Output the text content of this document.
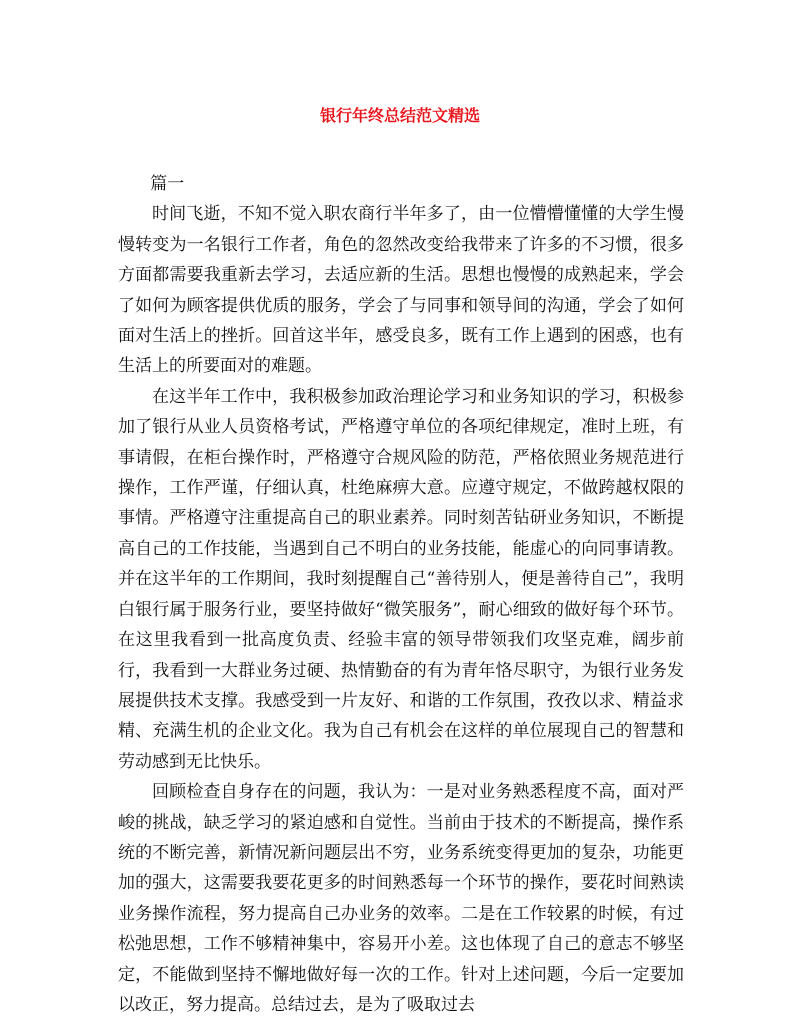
银行年终总结范文精选

篇一

时间飞逝，不知不觉入职农商行半年多了，由一位懵懵懂懂的大学生慢慢转变为一名银行工作者，角色的忽然改变给我带来了许多的不习惯，很多方面都需要我重新去学习，去适应新的生活。思想也慢慢的成熟起来，学会了如何为顾客提供优质的服务，学会了与同事和领导间的沟通，学会了如何面对生活上的挫折。回首这半年，感受良多，既有工作上遇到的困惑，也有生活上的所要面对的难题。

在这半年工作中，我积极参加政治理论学习和业务知识的学习，积极参加了银行从业人员资格考试，严格遵守单位的各项纪律规定，准时上班，有事请假，在柜台操作时，严格遵守合规风险的防范，严格依照业务规范进行操作，工作严谨，仔细认真，杜绝麻痹大意。应遵守规定，不做跨越权限的事情。严格遵守注重提高自己的职业素养。同时刻苦钻研业务知识，不断提高自己的工作技能，当遇到自己不明白的业务技能，能虚心的向同事请教。并在这半年的工作期间，我时刻提醒自己“善待别人，便是善待自己”，我明白银行属于服务行业，要坚持做好“微笑服务”，耐心细致的做好每个环节。在这里我看到一批高度负责、经验丰富的领导带领我们攻坚克难，阔步前行，我看到一大群业务过硬、热情勤奋的有为青年恪尽职守，为银行业务发展提供技术支撑。我感受到一片友好、和谐的工作氛围，孜孜以求、精益求精、充满生机的企业文化。我为自己有机会在这样的单位展现自己的智慧和劳动感到无比快乐。

回顾检查自身存在的问题，我认为：一是对业务熟悉程度不高，面对严峻的挑战，缺乏学习的紧迫感和自觉性。当前由于技术的不断提高，操作系统的不断完善，新情况新问题层出不穷，业务系统变得更加的复杂，功能更加的强大，这需要我要花更多的时间熟悉每一个环节的操作，要花时间熟读业务操作流程，努力提高自己办业务的效率。二是在工作较累的时候，有过松弛思想，工作不够精神集中，容易开小差。这也体现了自己的意志不够坚定，不能做到坚持不懈地做好每一次的工作。针对上述问题，今后一定要加以改正，努力提高。总结过去，是为了吸取过去
